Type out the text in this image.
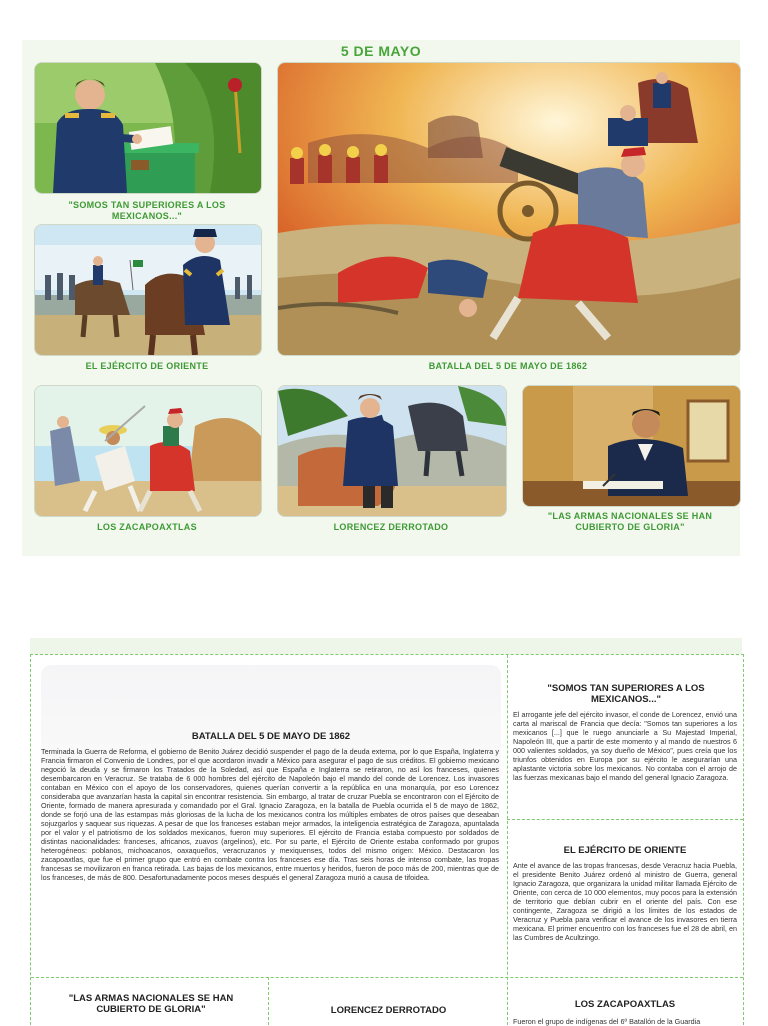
5 DE MAYO
"SOMOS TAN SUPERIORES A LOS MEXICANOS..."
EL EJÉRCITO DE ORIENTE	BATALLA DEL 5 DE MAYO DE 1862
LOS ZACAPOAXTLAS	LORENCEZ DERROTADO
"LAS ARMAS NACIONALES SE HAN CUBIERTO DE GLORIA"
BATALLA DEL 5 DE MAYO DE 1862
Terminada la Guerra de Reforma, el gobierno de Benito Juárez decidió suspender el pago de la deuda externa, por lo que España, Inglaterra y Francia firmaron el Convenio de Londres, por el que acordaron invadir a México para asegurar el pago de sus créditos. El gobierno mexicano negoció la deuda y se firmaron los Tratados de la Soledad, así que España e Inglaterra se retiraron, no así los franceses, quienes desembarcaron en Veracruz. Se trataba de 6 000 hombres del ejército de Napoleón bajo el mando del conde de Lorencez. Los invasores contaban en México con el apoyo de los conservadores, quienes querían convertir a la república en una monarquía, por eso Lorencez consideraba que avanzarían hasta la capital sin encontrar resistencia. Sin embargo, al tratar de cruzar Puebla se encontraron con el Ejército de Oriente, formado de manera apresurada y comandado por el Gral. Ignacio Zaragoza, en la batalla de Puebla ocurrida el 5 de mayo de 1862, donde se forjó una de las estampas más gloriosas de la lucha de los mexicanos contra los múltiples embates de otros países que deseaban sojuzgarlos y saquear sus riquezas. A pesar de que los franceses estaban mejor armados, la inteligencia estratégica de Zaragoza, apuntalada por el valor y el patriotismo de los soldados mexicanos, fueron muy superiores. El ejército de Francia estaba compuesto por soldados de distintas nacionalidades: franceses, africanos, zuavos (argelinos), etc. Por su parte, el Ejército de Oriente estaba conformado por grupos heterogéneos: poblanos, michoacanos, oaxaqueños, veracruzanos y mexiquenses, todos del mismo origen: México. Destacaron los zacapoaxtlas, que fue el primer grupo que entró en combate contra los franceses ese día. Tras seis horas de intenso combate, las tropas francesas se movilizaron en franca retirada. Las bajas de los mexicanos, entre muertos y heridos, fueron de poco más de 200, mientras que de los franceses, de más de 800. Desafortunadamente pocos meses después el general Zaragoza murió a causa de tifoidea.
"SOMOS TAN SUPERIORES A LOS MEXICANOS..."
El arrogante jefe del ejército invasor, el conde de Lorencez, envió una carta al mariscal de Francia que decía: "Somos tan superiores a los mexicanos [...] que le ruego anunciarle a Su Majestad Imperial, Napoleón III, que a partir de este momento y al mando de nuestros 6 000 valientes soldados, ya soy dueño de México", pues creía que los triunfos obtenidos en Europa por su ejército le asegurarían una aplastante victoria sobre los mexicanos. No contaba con el arrojo de las fuerzas mexicanas bajo el mando del general Ignacio Zaragoza.
EL EJÉRCITO DE ORIENTE
Ante el avance de las tropas francesas, desde Veracruz hacia Puebla, el presidente Benito Juárez ordenó al ministro de Guerra, general Ignacio Zaragoza, que organizara la unidad militar llamada Ejército de Oriente, con cerca de 10 000 elementos, muy pocos para la extensión de territorio que debían cubrir en el oriente del país. Con ese contingente, Zaragoza se dirigió a los límites de los estados de Veracruz y Puebla para verificar el avance de los invasores en tierra mexicana. El primer encuentro con los franceses fue el 28 de abril, en las Cumbres de Acultzingo.
"LAS ARMAS NACIONALES SE HAN CUBIERTO DE GLORIA"	LORENCEZ DERROTADO
LOS ZACAPOAXTLAS
Fueron el grupo de indígenas del 6º Batallón de la Guardia
